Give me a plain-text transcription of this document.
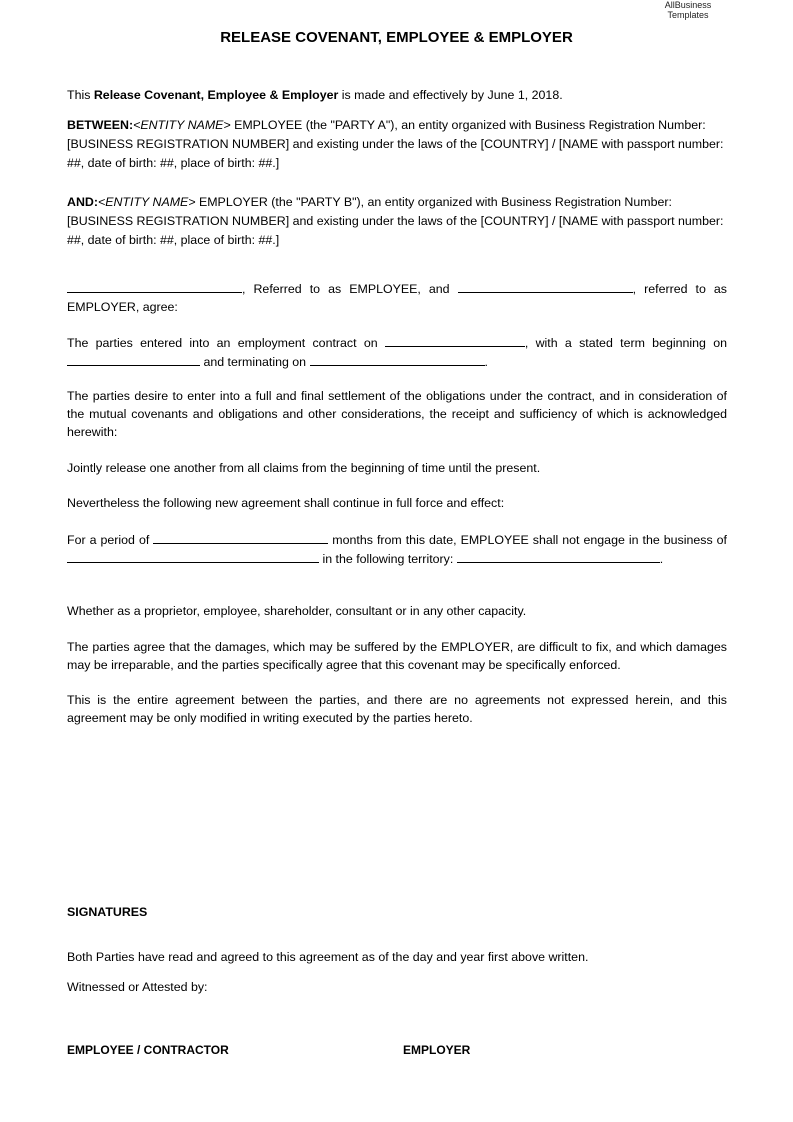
AllBusiness
Templates
RELEASE COVENANT, EMPLOYEE & EMPLOYER

This Release Covenant, Employee & Employer is made and effectively by June 1, 2018.

BETWEEN:<ENTITY NAME> EMPLOYEE (the "PARTY A"), an entity organized with Business Registration Number: [BUSINESS REGISTRATION NUMBER] and existing under the laws of the [COUNTRY] / [NAME with passport number: ##, date of birth: ##, place of birth: ##.]

AND:<ENTITY NAME> EMPLOYER (the "PARTY B"), an entity organized with Business Registration Number: [BUSINESS REGISTRATION NUMBER] and existing under the laws of the [COUNTRY] / [NAME with passport number: ##, date of birth: ##, place of birth: ##.]

, Referred to as EMPLOYEE, and	, referred to as EMPLOYER, agree:

The parties entered into an employment contract on	, with a stated term beginning on  and terminating on	.

The parties desire to enter into a full and final settlement of the obligations under the contract, and in consideration of the mutual covenants and obligations and other considerations, the receipt and sufficiency of which is acknowledged herewith:

Jointly release one another from all claims from the beginning of time until the present.

Nevertheless the following new agreement shall continue in full force and effect:

For a period of	months from this date, EMPLOYEE shall not engage in the business of  in the following territory:	.

Whether as a proprietor, employee, shareholder, consultant or in any other capacity.

The parties agree that the damages, which may be suffered by the EMPLOYER, are difficult to fix, and which damages may be irreparable, and the parties specifically agree that this covenant may be specifically enforced.

This is the entire agreement between the parties, and there are no agreements not expressed herein, and this agreement may be only modified in writing executed by the parties hereto.

SIGNATURES

Both Parties have read and agreed to this agreement as of the day and year first above written.

Witnessed or Attested by:

EMPLOYEE / CONTRACTOR	EMPLOYER
